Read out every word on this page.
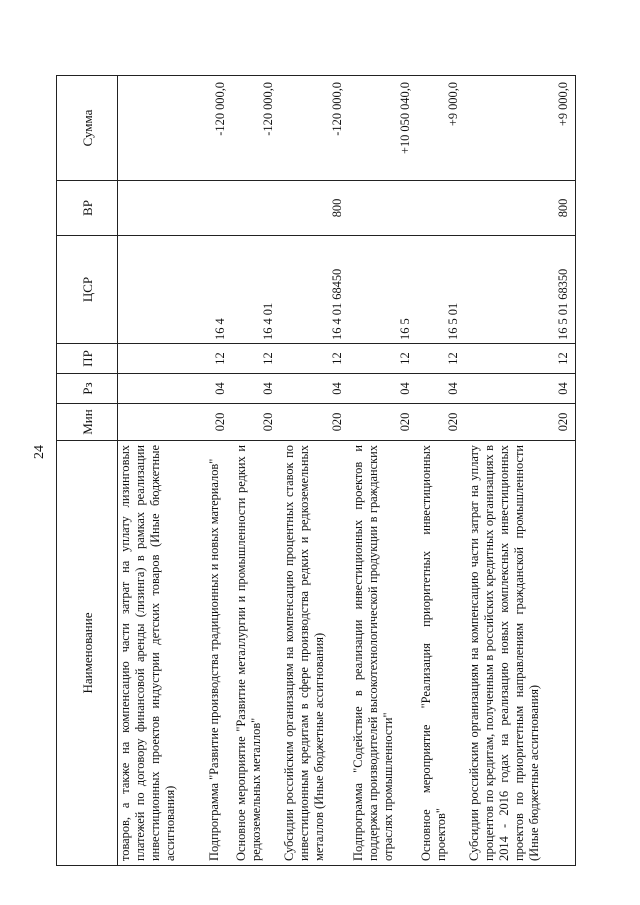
24
Наименование	Мин	Рз	ПР	ЦСР	ВР	Сумма
товаров, а также на компенсацию части затрат на уплату лизинговых платежей по договору финансовой аренды (лизинга) в рамках реализации инвестиционных проектов индустрии детских товаров (Иные бюджетные ассигнования)						
Подпрограмма "Развитие производства традиционных и новых материалов"	020	04	12	16 4		-120 000,0
Основное мероприятие "Развитие металлургии и промышленности редких и редкоземельных металлов"	020	04	12	16 4 01		-120 000,0
Субсидии российским организациям на компенсацию процентных ставок по инвестиционным кредитам в сфере производства редких и редкоземельных металлов (Иные бюджетные ассигнования)	020	04	12	16 4 01 68450	800	-120 000,0
Подпрограмма "Содействие в реализации инвестиционных проектов и поддержка производителей высокотехнологической продукции в гражданских отраслях промышленности"	020	04	12	16 5		+10 050 040,0
Основное мероприятие "Реализация приоритетных инвестиционных проектов"	020	04	12	16 5 01		+9 000,0
Субсидии российским организациям на компенсацию части затрат на уплату процентов по кредитам, полученным в российских кредитных организациях в 2014 - 2016 годах на реализацию новых комплексных инвестиционных проектов по приоритетным направлениям гражданской промышленности (Иные бюджетные ассигнования)	020	04	12	16 5 01 68350	800	+9 000,0
